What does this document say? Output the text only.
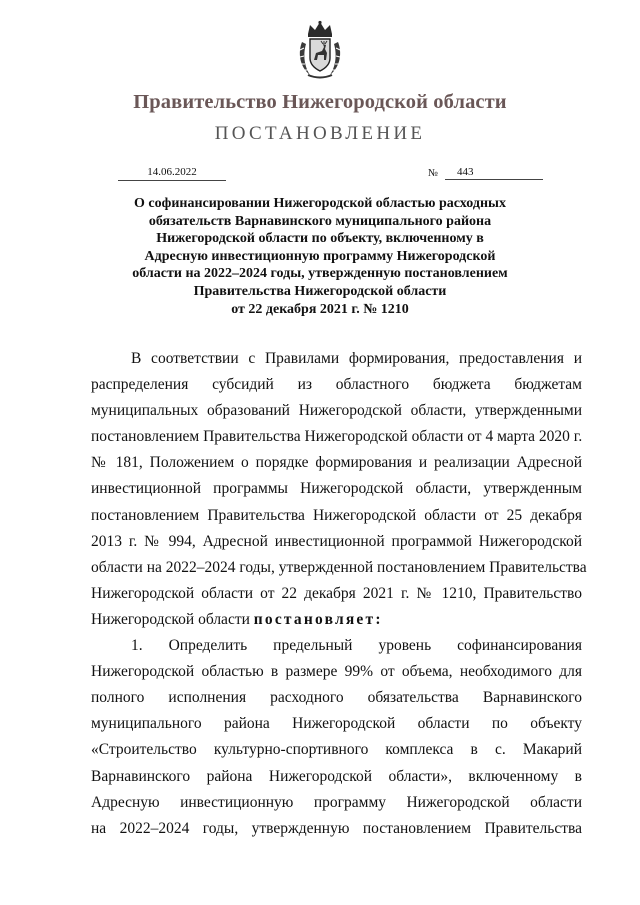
Правительство Нижегородской области
ПОСТАНОВЛЕНИЕ
14.06.2022	№	443
О софинансировании Нижегородской областью расходных
обязательств Варнавинского муниципального района
Нижегородской области по объекту, включенному в
Адресную инвестиционную программу Нижегородской
области на 2022–2024 годы, утвержденную постановлением
Правительства Нижегородской области
от 22 декабря 2021 г. № 1210
В соответствии с Правилами формирования, предоставления и
распределения субсидий из областного бюджета бюджетам
муниципальных образований Нижегородской области, утвержденными
постановлением Правительства Нижегородской области от 4 марта 2020 г.
№ 181, Положением о порядке формирования и реализации Адресной
инвестиционной программы Нижегородской области, утвержденным
постановлением Правительства Нижегородской области от 25 декабря
2013 г. № 994, Адресной инвестиционной программой Нижегородской
области на 2022–2024 годы, утвержденной постановлением Правительства
Нижегородской области от 22 декабря 2021 г. № 1210, Правительство
Нижегородской области постановляет:
1. Определить предельный уровень софинансирования
Нижегородской областью в размере 99% от объема, необходимого для
полного исполнения расходного обязательства Варнавинского
муниципального района Нижегородской области по объекту
«Строительство культурно-спортивного комплекса в с. Макарий
Варнавинского района Нижегородской области», включенному в
Адресную инвестиционную программу Нижегородской области
на 2022–2024 годы, утвержденную постановлением Правительства
